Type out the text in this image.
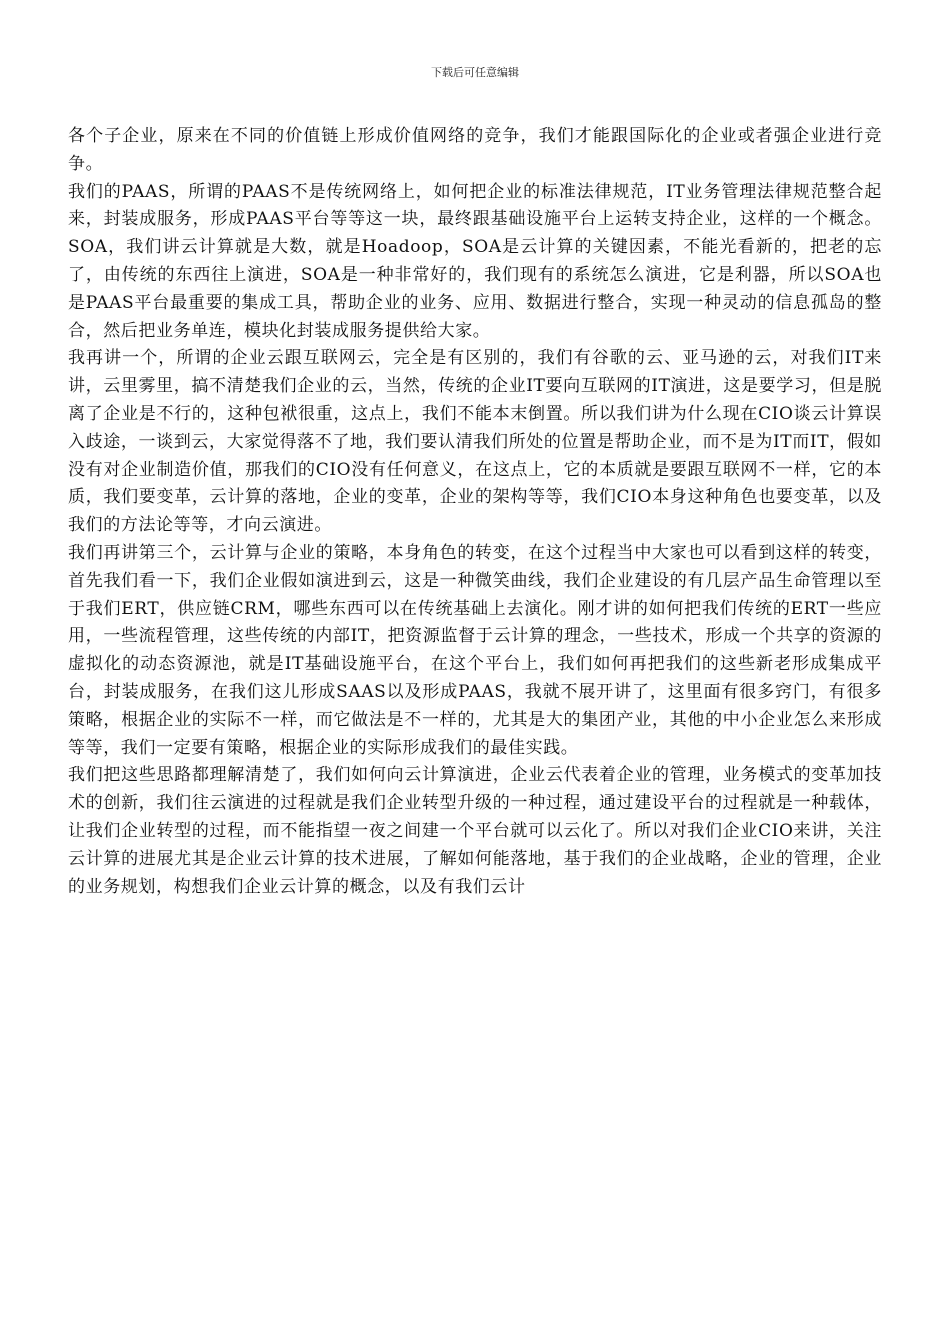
下载后可任意编辑

各个子企业，原来在不同的价值链上形成价值网络的竞争，我们才能跟国际化的企业或者强企业进行竞争。

我们的PAAS，所谓的PAAS不是传统网络上，如何把企业的标准法律规范，IT业务管理法律规范整合起来，封装成服务，形成PAAS平台等等这一块，最终跟基础设施平台上运转支持企业，这样的一个概念。SOA，我们讲云计算就是大数，就是Hoadoop，SOA是云计算的关键因素，不能光看新的，把老的忘了，由传统的东西往上演进，SOA是一种非常好的，我们现有的系统怎么演进，它是利器，所以SOA也是PAAS平台最重要的集成工具，帮助企业的业务、应用、数据进行整合，实现一种灵动的信息孤岛的整合，然后把业务单连，模块化封装成服务提供给大家。

我再讲一个，所谓的企业云跟互联网云，完全是有区别的，我们有谷歌的云、亚马逊的云，对我们IT来讲，云里雾里，搞不清楚我们企业的云，当然，传统的企业IT要向互联网的IT演进，这是要学习，但是脱离了企业是不行的，这种包袱很重，这点上，我们不能本末倒置。所以我们讲为什么现在CIO谈云计算误入歧途，一谈到云，大家觉得落不了地，我们要认清我们所处的位置是帮助企业，而不是为IT而IT，假如没有对企业制造价值，那我们的CIO没有任何意义，在这点上，它的本质就是要跟互联网不一样，它的本质，我们要变革，云计算的落地，企业的变革，企业的架构等等，我们CIO本身这种角色也要变革，以及我们的方法论等等，才向云演进。

我们再讲第三个，云计算与企业的策略，本身角色的转变，在这个过程当中大家也可以看到这样的转变，首先我们看一下，我们企业假如演进到云，这是一种微笑曲线，我们企业建设的有几层产品生命管理以至于我们ERT，供应链CRM，哪些东西可以在传统基础上去演化。刚才讲的如何把我们传统的ERT一些应用，一些流程管理，这些传统的内部IT，把资源监督于云计算的理念，一些技术，形成一个共享的资源的虚拟化的动态资源池，就是IT基础设施平台，在这个平台上，我们如何再把我们的这些新老形成集成平台，封装成服务，在我们这儿形成SAAS以及形成PAAS，我就不展开讲了，这里面有很多窍门，有很多策略，根据企业的实际不一样，而它做法是不一样的，尤其是大的集团产业，其他的中小企业怎么来形成等等，我们一定要有策略，根据企业的实际形成我们的最佳实践。

我们把这些思路都理解清楚了，我们如何向云计算演进，企业云代表着企业的管理，业务模式的变革加技术的创新，我们往云演进的过程就是我们企业转型升级的一种过程，通过建设平台的过程就是一种载体，让我们企业转型的过程，而不能指望一夜之间建一个平台就可以云化了。所以对我们企业CIO来讲，关注云计算的进展尤其是企业云计算的技术进展，了解如何能落地，基于我们的企业战略，企业的管理，企业的业务规划，构想我们企业云计算的概念，以及有我们云计
